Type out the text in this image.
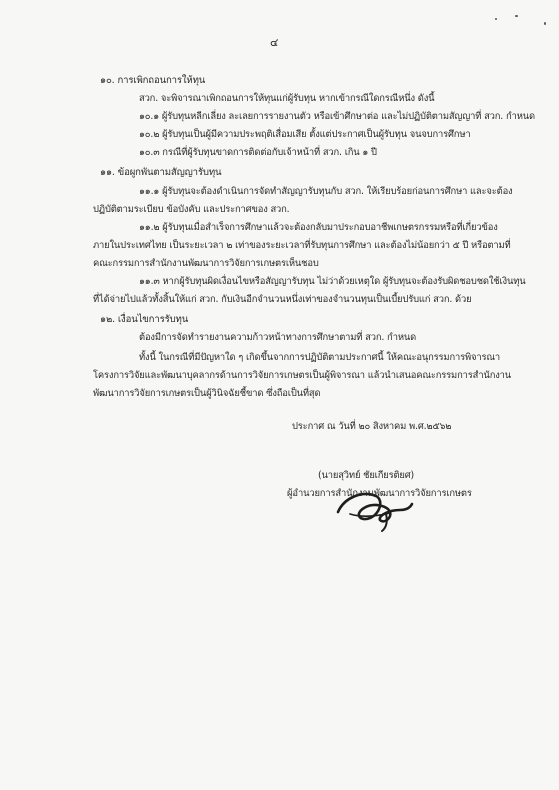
๔
๑๐. การเพิกถอนการให้ทุน
สวก. จะพิจารณาเพิกถอนการให้ทุนแก่ผู้รับทุน หากเข้ากรณีใดกรณีหนึ่ง ดังนี้
๑๐.๑ ผู้รับทุนหลีกเลี่ยง ละเลยการรายงานตัว หรือเข้าศึกษาต่อ และไม่ปฏิบัติตามสัญญาที่ สวก. กำหนด
๑๐.๒ ผู้รับทุนเป็นผู้มีความประพฤติเสื่อมเสีย ตั้งแต่ประกาศเป็นผู้รับทุน จนจบการศึกษา
๑๐.๓ กรณีที่ผู้รับทุนขาดการติดต่อกับเจ้าหน้าที่ สวก. เกิน ๑ ปี
๑๑. ข้อผูกพันตามสัญญารับทุน
๑๑.๑ ผู้รับทุนจะต้องดำเนินการจัดทำสัญญารับทุนกับ สวก. ให้เรียบร้อยก่อนการศึกษา และจะต้อง
ปฏิบัติตามระเบียบ ข้อบังคับ และประกาศของ สวก.
๑๑.๒ ผู้รับทุนเมื่อสำเร็จการศึกษาแล้วจะต้องกลับมาประกอบอาชีพเกษตรกรรมหรือที่เกี่ยวข้อง
ภายในประเทศไทย เป็นระยะเวลา ๒ เท่าของระยะเวลาที่รับทุนการศึกษา และต้องไม่น้อยกว่า ๕ ปี หรือตามที่
คณะกรรมการสำนักงานพัฒนาการวิจัยการเกษตรเห็นชอบ
๑๑.๓ หากผู้รับทุนผิดเงื่อนไขหรือสัญญารับทุน ไม่ว่าด้วยเหตุใด ผู้รับทุนจะต้องรับผิดชอบชดใช้เงินทุน
ที่ได้จ่ายไปแล้วทั้งสิ้นให้แก่ สวก. กับเงินอีกจำนวนหนึ่งเท่าของจำนวนทุนเป็นเบี้ยปรับแก่ สวก. ด้วย
๑๒. เงื่อนไขการรับทุน
ต้องมีการจัดทำรายงานความก้าวหน้าทางการศึกษาตามที่ สวก. กำหนด
ทั้งนี้ ในกรณีที่มีปัญหาใด ๆ เกิดขึ้นจากการปฏิบัติตามประกาศนี้ ให้คณะอนุกรรมการพิจารณา
โครงการวิจัยและพัฒนาบุคลากรด้านการวิจัยการเกษตรเป็นผู้พิจารณา แล้วนำเสนอคณะกรรมการสำนักงาน
พัฒนาการวิจัยการเกษตรเป็นผู้วินิจฉัยชี้ขาด ซึ่งถือเป็นที่สุด
ประกาศ ณ วันที่ ๒๐ สิงหาคม พ.ศ.๒๕๖๒
(นายสุวิทย์ ชัยเกียรติยศ)
ผู้อำนวยการสำนักงานพัฒนาการวิจัยการเกษตร
